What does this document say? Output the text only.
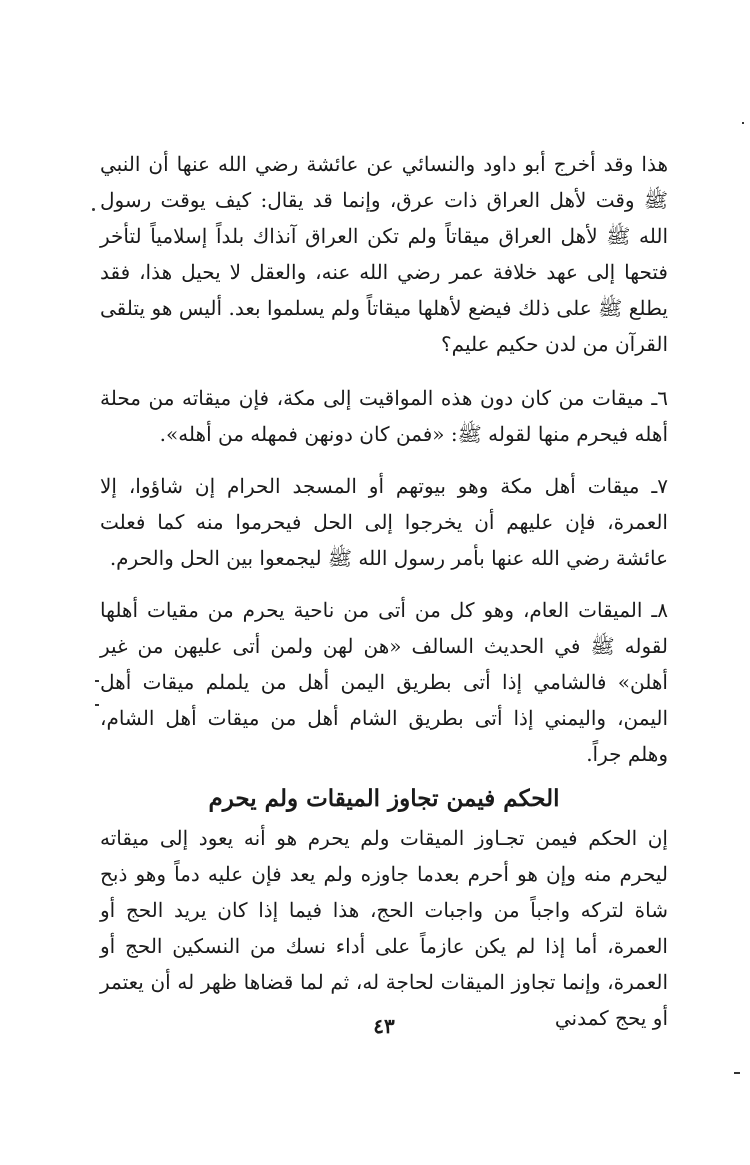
هذا وقد أخرج أبو داود والنسائي عن عائشة رضي الله عنها أن النبي ﷺ وقت لأهل العراق ذات عرق، وإنما قد يقال: كيف يوقت رسول الله ﷺ لأهل العراق ميقاتاً ولم تكن العراق آنذاك بلداً إسلامياً لتأخر فتحها إلى عهد خلافة عمر رضي الله عنه، والعقل لا يحيل هذا، فقد يطلع ﷺ على ذلك فيضع لأهلها ميقاتاً ولم يسلموا بعد. أليس هو يتلقى القرآن من لدن حكيم عليم؟

٦ـ ميقات من كان دون هذه المواقيت إلى مكة، فإن ميقاته من محلة أهله فيحرم منها لقوله ﷺ: «فمن كان دونهن فمهله من أهله».

٧ـ ميقات أهل مكة وهو بيوتهم أو المسجد الحرام إن شاؤوا، إلا العمرة، فإن عليهم أن يخرجوا إلى الحل فيحرموا منه كما فعلت عائشة رضي الله عنها بأمر رسول الله ﷺ ليجمعوا بين الحل والحرم.

٨ـ الميقات العام، وهو كل من أتى من ناحية يحرم من مقيات أهلها لقوله ﷺ في الحديث السالف «هن لهن ولمن أتى عليهن من غير أهلن» فالشامي إذا أتى بطريق اليمن أهل من يلملم ميقات أهل اليمن، واليمني إذا أتى بطريق الشام أهل من ميقات أهل الشام، وهلم جراً.

الحكم فيمن تجاوز الميقات ولم يحرم

إن الحكم فيمن تجـاوز الميقات ولم يحرم هو أنه يعود إلى ميقاته ليحرم منه وإن هو أحرم بعدما جاوزه ولم يعد فإن عليه دماً وهو ذبح شاة لتركه واجباً من واجبات الحج، هذا فيما إذا كان يريد الحج أو العمرة، أما إذا لم يكن عازماً على أداء نسك من النسكين الحج أو العمرة، وإنما تجاوز الميقات لحاجة له، ثم لما قضاها ظهر له أن يعتمر أو يحج كمدني

٤٣
